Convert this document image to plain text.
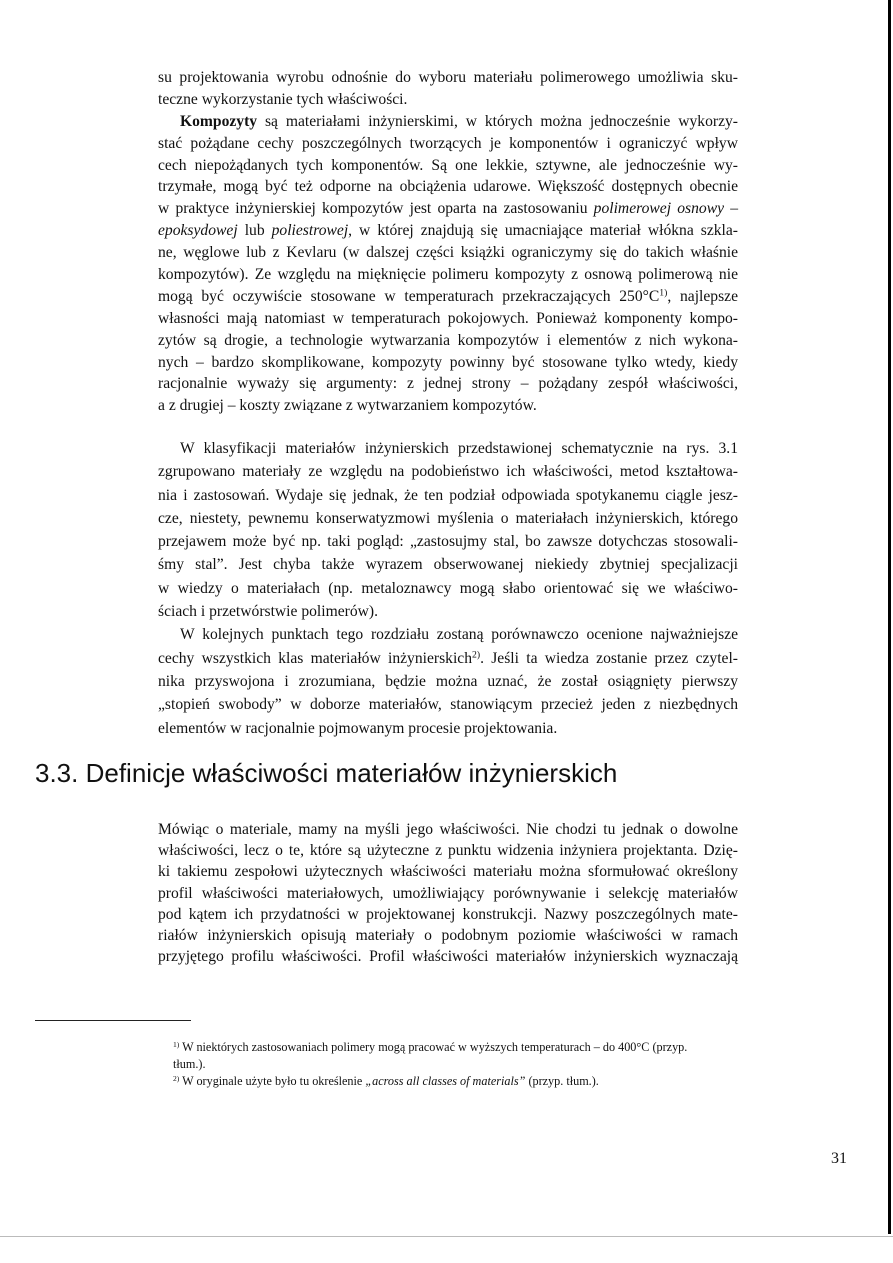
su projektowania wyrobu odnośnie do wyboru materiału polimerowego umożliwia sku-
teczne wykorzystanie tych właściwości.
Kompozyty są materiałami inżynierskimi, w których można jednocześnie wykorzy-
stać pożądane cechy poszczególnych tworzących je komponentów i ograniczyć wpływ
cech niepożądanych tych komponentów. Są one lekkie, sztywne, ale jednocześnie wy-
trzymałe, mogą być też odporne na obciążenia udarowe. Większość dostępnych obecnie
w praktyce inżynierskiej kompozytów jest oparta na zastosowaniu polimerowej osnowy –
epoksydowej lub poliestrowej, w której znajdują się umacniające materiał włókna szkla-
ne, węglowe lub z Kevlaru (w dalszej części książki ograniczymy się do takich właśnie
kompozytów). Ze względu na mięknięcie polimeru kompozyty z osnową polimerową nie
mogą być oczywiście stosowane w temperaturach przekraczających $250^\circ C^{1)}$, najlepsze
własności mają natomiast w temperaturach pokojowych. Ponieważ komponenty kompo-
zytów są drogie, a technologie wytwarzania kompozytów i elementów z nich wykona-
nych – bardzo skomplikowane, kompozyty powinny być stosowane tylko wtedy, kiedy
racjonalnie wyważy się argumenty: z jednej strony – pożądany zespół właściwości,
a z drugiej – koszty związane z wytwarzaniem kompozytów.
W klasyfikacji materiałów inżynierskich przedstawionej schematycznie na rys. 3.1
zgrupowano materiały ze względu na podobieństwo ich właściwości, metod kształtowa-
nia i zastosowań. Wydaje się jednak, że ten podział odpowiada spotykanemu ciągle jesz-
cze, niestety, pewnemu konserwatyzmowi myślenia o materiałach inżynierskich, którego
przejawem może być np. taki pogląd: „zastosujmy stal, bo zawsze dotychczas stosowali-
śmy stal”. Jest chyba także wyrazem obserwowanej niekiedy zbytniej specjalizacji
w wiedzy o materiałach (np. metaloznawcy mogą słabo orientować się we właściwo-
ściach i przetwórstwie polimerów).
W kolejnych punktach tego rozdziału zostaną porównawczo ocenione najważniejsze
cechy wszystkich klas materiałów inżynierskich$^{2)}$. Jeśli ta wiedza zostanie przez czytel-
nika przyswojona i zrozumiana, będzie można uznać, że został osiągnięty pierwszy
„stopień swobody” w doborze materiałów, stanowiącym przecież jeden z niezbędnych
elementów w racjonalnie pojmowanym procesie projektowania.
3.3. Definicje właściwości materiałów inżynierskich
Mówiąc o materiale, mamy na myśli jego właściwości. Nie chodzi tu jednak o dowolne
właściwości, lecz o te, które są użyteczne z punktu widzenia inżyniera projektanta. Dzię-
ki takiemu zespołowi użytecznych właściwości materiału można sformułować określony
profil właściwości materiałowych, umożliwiający porównywanie i selekcję materiałów
pod kątem ich przydatności w projektowanej konstrukcji. Nazwy poszczególnych mate-
riałów inżynierskich opisują materiały o podobnym poziomie właściwości w ramach
przyjętego profilu właściwości. Profil właściwości materiałów inżynierskich wyznaczają
$^{1)}$ W niektórych zastosowaniach polimery mogą pracować w wyższych temperaturach – do 400°C (przyp.
tłum.).
$^{2)}$ W oryginale użyte było tu określenie „across all classes of materials” (przyp. tłum.).
31
